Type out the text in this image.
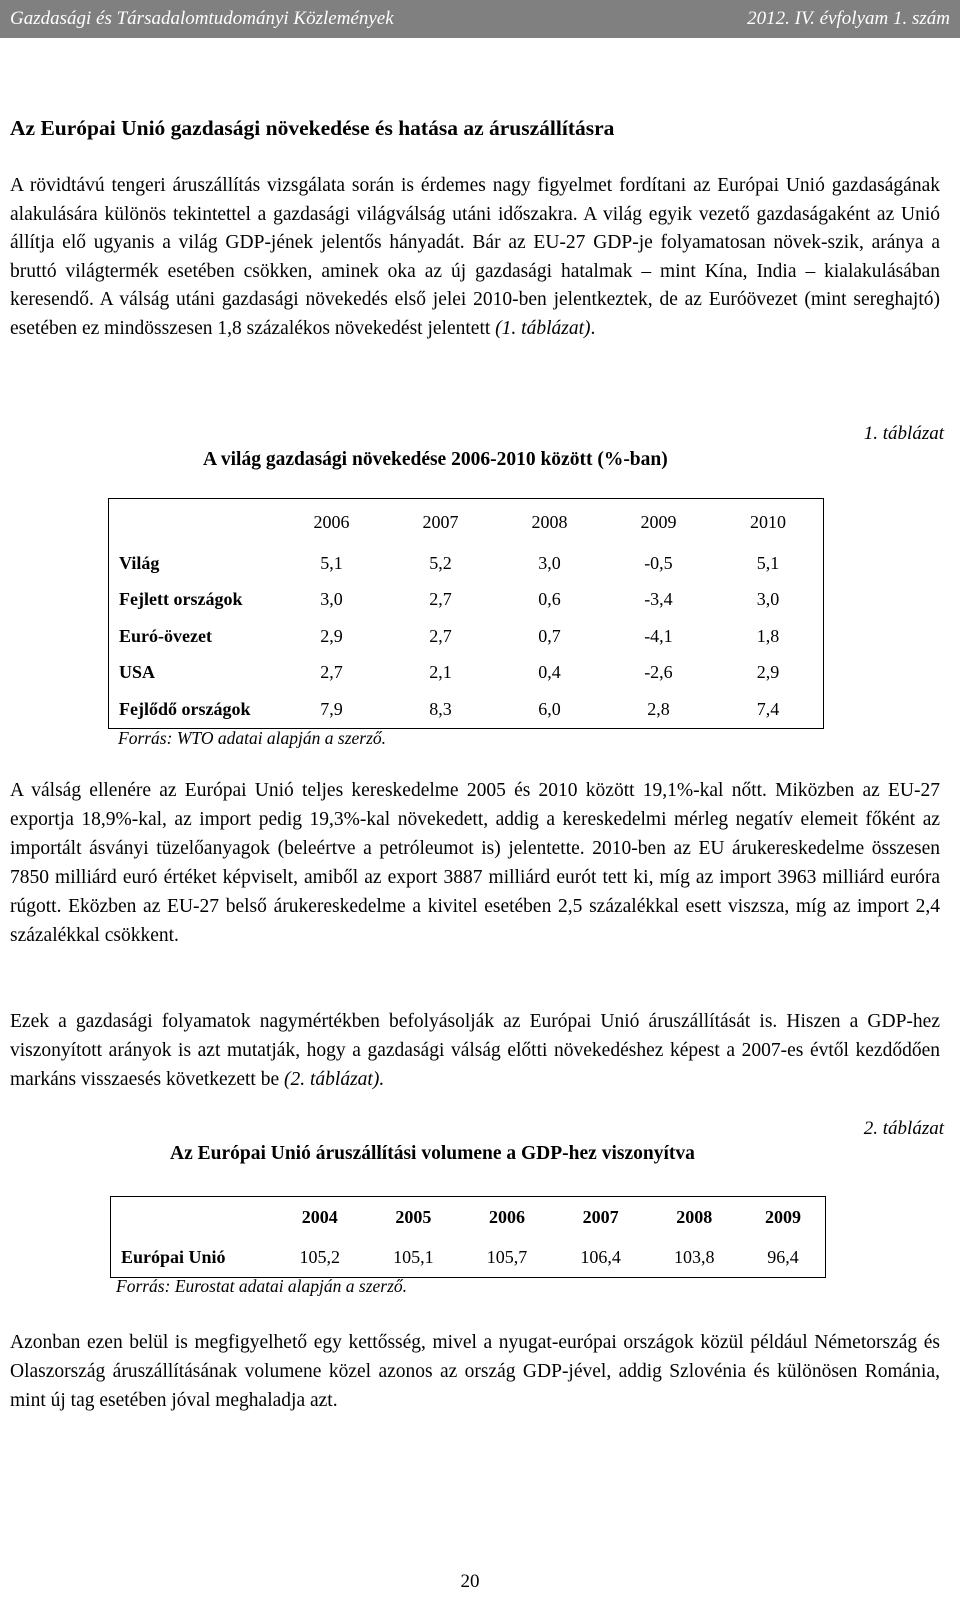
Gazdasági és Társadalomtudományi Közlemények	2012. IV. évfolyam 1. szám
Az Európai Unió gazdasági növekedése és hatása az áruszállításra

A rövidtávú tengeri áruszállítás vizsgálata során is érdemes nagy figyelmet fordítani az Európai Unió gazdaságának alakulására különös tekintettel a gazdasági világválság utáni időszakra. A világ egyik vezető gazdaságaként az Unió állítja elő ugyanis a világ GDP-jének jelentős hányadát. Bár az EU-27 GDP-je folyamatosan növek-szik, aránya a bruttó világtermék esetében csökken, aminek oka az új gazdasági hatalmak – mint Kína, India – kialakulásában keresendő. A válság utáni gazdasági növekedés első jelei 2010-ben jelentkeztek, de az Euróövezet (mint sereghajtó) esetében ez mindösszesen 1,8 százalékos növekedést jelentett (1. táblázat).

1. táblázat
A világ gazdasági növekedése 2006-2010 között (%-ban)
	2006	2007	2008	2009	2010
Világ	5,1	5,2	3,0	-0,5	5,1
Fejlett országok	3,0	2,7	0,6	-3,4	3,0
Euró-övezet	2,9	2,7	0,7	-4,1	1,8
USA	2,7	2,1	0,4	-2,6	2,9
Fejlődő országok	7,9	8,3	6,0	2,8	7,4
Forrás: WTO adatai alapján a szerző.

A válság ellenére az Európai Unió teljes kereskedelme 2005 és 2010 között 19,1%-kal nőtt. Miközben az EU-27 exportja 18,9%-kal, az import pedig 19,3%-kal növekedett, addig a kereskedelmi mérleg negatív elemeit főként az importált ásványi tüzelőanyagok (beleértve a petróleumot is) jelentette. 2010-ben az EU árukereskedelme összesen 7850 milliárd euró értéket képviselt, amiből az export 3887 milliárd eurót tett ki, míg az import 3963 milliárd euróra rúgott. Eközben az EU-27 belső árukereskedelme a kivitel esetében 2,5 százalékkal esett viszsza, míg az import 2,4 százalékkal csökkent.

Ezek a gazdasági folyamatok nagymértékben befolyásolják az Európai Unió áruszállítását is. Hiszen a GDP-hez viszonyított arányok is azt mutatják, hogy a gazdasági válság előtti növekedéshez képest a 2007-es évtől kezdődően markáns visszaesés következett be (2. táblázat).

2. táblázat
Az Európai Unió áruszállítási volumene a GDP-hez viszonyítva
	2004	2005	2006	2007	2008	2009
Európai Unió	105,2	105,1	105,7	106,4	103,8	96,4
Forrás: Eurostat adatai alapján a szerző.

Azonban ezen belül is megfigyelhető egy kettősség, mivel a nyugat-európai országok közül például Németország és Olaszország áruszállításának volumene közel azonos az ország GDP-jével, addig Szlovénia és különösen Románia, mint új tag esetében jóval meghaladja azt.

20
